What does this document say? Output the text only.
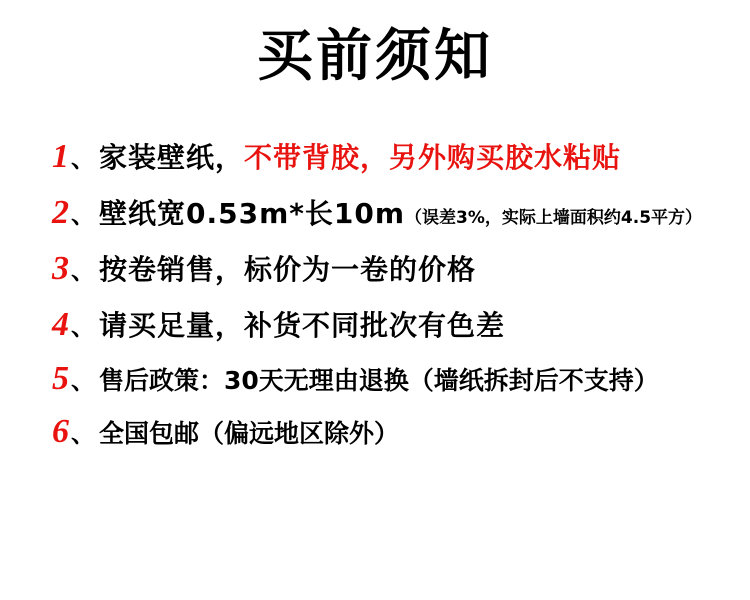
买前须知
1 、 家装壁纸， 不带背胶， 另外购买胶水粘贴
2 、 壁纸宽0.53m*长10m （误差3%，实际上墙面积约4.5平方）
3 、 按卷销售，标价为一卷的价格
4 、 请买足量，补货不同批次有色差
5 、 售后政策：30天无理由退换（墙纸拆封后不支持）
6 、 全国包邮（偏远地区除外）
